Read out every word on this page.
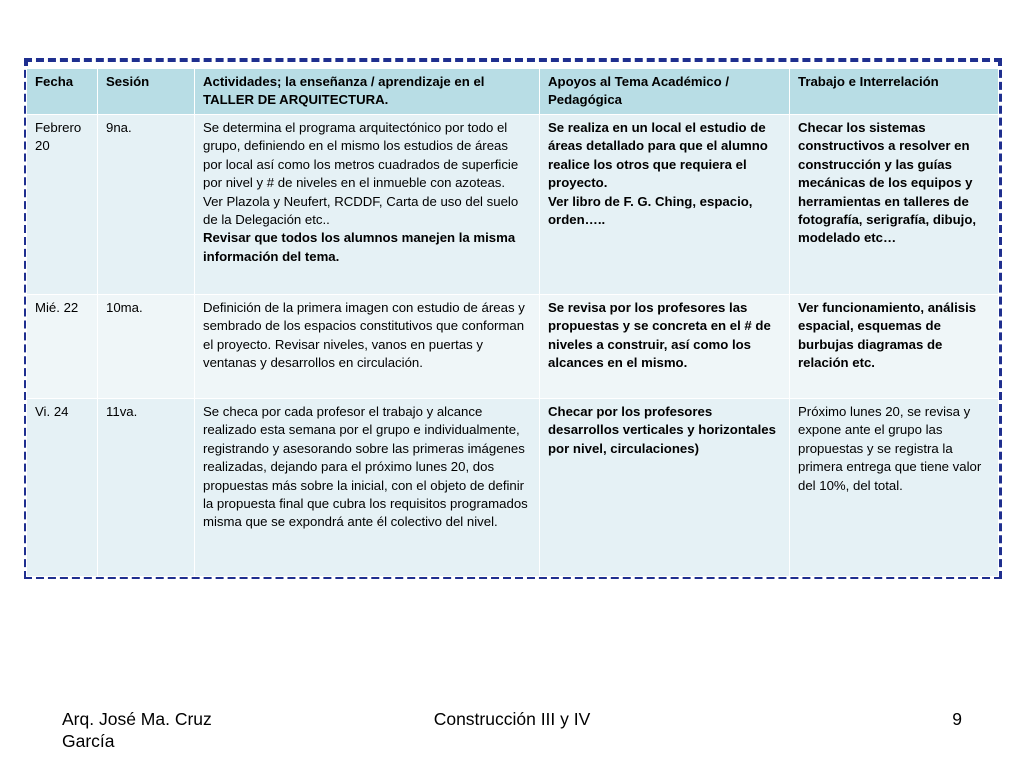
Fecha	Sesión	Actividades; la enseñanza / aprendizaje en el TALLER DE ARQUITECTURA.	Apoyos al Tema Académico / Pedagógica	Trabajo e Interrelación
Febrero20	9na.	Se determina el programa arquitectónico por todo el grupo, definiendo en el mismo los estudios de áreas por local así como los metros cuadrados de superficie por nivel y # de niveles en el inmueble con azoteas.
Ver Plazola y Neufert, RCDDF, Carta de uso del suelo de la Delegación etc..
Revisar que todos los alumnos manejen la misma información del tema.	Se realiza en un local el estudio de áreas detallado para que el alumno realice los otros que requiera el proyecto.
Ver libro de F. G. Ching, espacio, orden…..	Checar los sistemas constructivos a resolver en construcción y las guías mecánicas de los equipos y herramientas en talleres de fotografía, serigrafía, dibujo, modelado etc…

Mié. 22	10ma.	Definición de la primera imagen con estudio de áreas y sembrado de los espacios constitutivos que conforman el proyecto. Revisar niveles, vanos en puertas y ventanas y desarrollos en circulación.	Se revisa por los profesores las propuestas y se concreta en el # de niveles a construir, así como los alcances en el mismo.	Ver funcionamiento, análisis espacial, esquemas de burbujas diagramas de relación etc.

Vi. 24	11va.	Se checa por cada profesor el trabajo y alcance realizado esta semana por el grupo e individualmente, registrando y asesorando sobre las primeras imágenes realizadas, dejando para el próximo lunes 20, dos propuestas más sobre la inicial, con el objeto de definir la propuesta final que cubra los requisitos programados misma que se expondrá ante él colectivo del nivel.	Checar por los profesores desarrollos verticales y horizontales por nivel, circulaciones)	Próximo lunes 20, se revisa y expone ante el grupo las propuestas y se registra la primera entrega que tiene valor del 10%, del total.
Arq. José Ma. Cruz García
Construcción III y IV	9
